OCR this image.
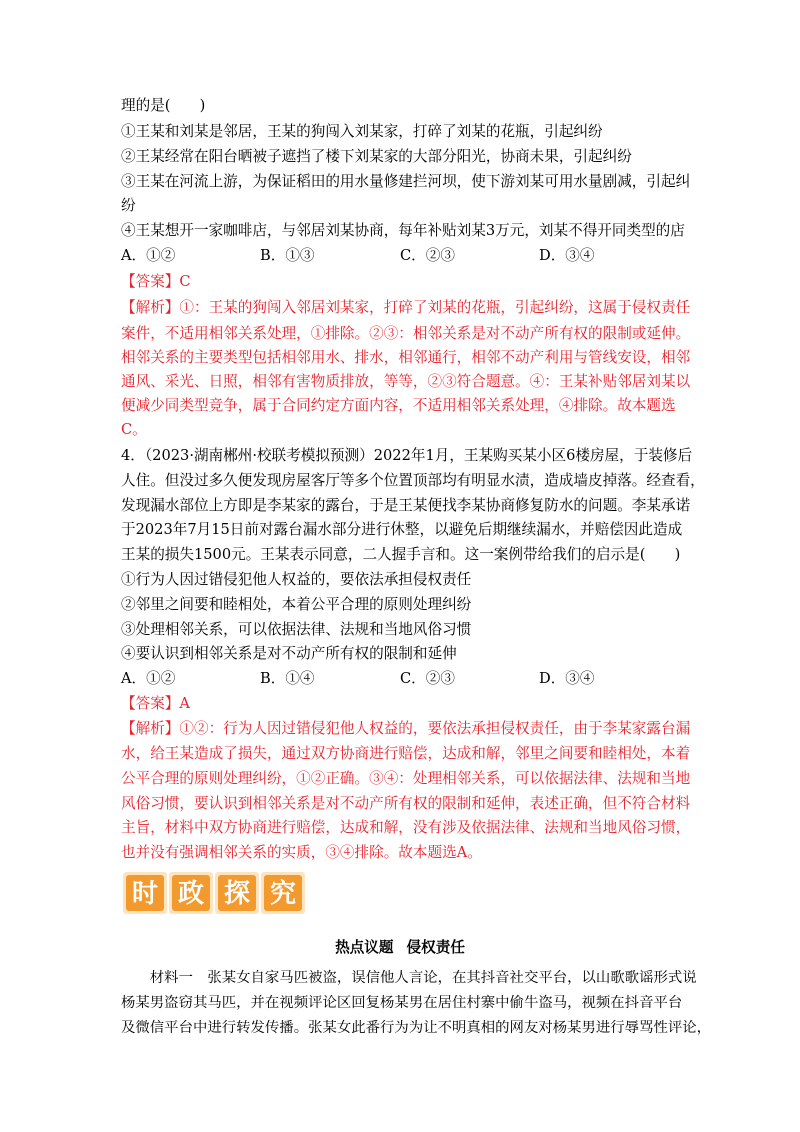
理的是(　　)
①王某和刘某是邻居，王某的狗闯入刘某家，打碎了刘某的花瓶，引起纠纷
②王某经常在阳台晒被子遮挡了楼下刘某家的大部分阳光，协商未果，引起纠纷
③王某在河流上游，为保证稻田的用水量修建拦河坝，使下游刘某可用水量剧减，引起纠
纷
④王某想开一家咖啡店，与邻居刘某协商，每年补贴刘某3万元，刘某不得开同类型的店
A．①②	B．①③	C．②③	D．③④
【答案】C
【解析】①：王某的狗闯入邻居刘某家，打碎了刘某的花瓶，引起纠纷，这属于侵权责任
案件，不适用相邻关系处理，①排除。②③：相邻关系是对不动产所有权的限制或延伸。
相邻关系的主要类型包括相邻用水、排水，相邻通行，相邻不动产利用与管线安设，相邻
通风、采光、日照，相邻有害物质排放，等等，②③符合题意。④：王某补贴邻居刘某以
便减少同类型竞争，属于合同约定方面内容，不适用相邻关系处理，④排除。故本题选
C。
4．（2023·湖南郴州·校联考模拟预测）2022年1月，王某购买某小区6楼房屋，于装修后
人住。但没过多久便发现房屋客厅等多个位置顶部均有明显水渍，造成墙皮掉落。经查看，
发现漏水部位上方即是李某家的露台，于是王某便找李某协商修复防水的问题。李某承诺
于2023年7月15日前对露台漏水部分进行休整，以避免后期继续漏水，并赔偿因此造成
王某的损失1500元。王某表示同意，二人握手言和。这一案例带给我们的启示是(　　)
①行为人因过错侵犯他人权益的，要依法承担侵权责任
②邻里之间要和睦相处，本着公平合理的原则处理纠纷
③处理相邻关系，可以依据法律、法规和当地风俗习惯
④要认识到相邻关系是对不动产所有权的限制和延伸
A．①②	B．①④	C．②③	D．③④
【答案】A
【解析】①②：行为人因过错侵犯他人权益的，要依法承担侵权责任，由于李某家露台漏
水，给王某造成了损失，通过双方协商进行赔偿，达成和解，邻里之间要和睦相处，本着
公平合理的原则处理纠纷，①②正确。③④：处理相邻关系，可以依据法律、法规和当地
风俗习惯，要认识到相邻关系是对不动产所有权的限制和延伸，表述正确，但不符合材料
主旨，材料中双方协商进行赔偿，达成和解，没有涉及依据法律、法规和当地风俗习惯，
也并没有强调相邻关系的实质，③④排除。故本题选A。
时 政 探 究
热点议题 侵权责任
　　材料一　张某女自家马匹被盗，误信他人言论，在其抖音社交平台，以山歌歌谣形式说
杨某男盗窃其马匹，并在视频评论区回复杨某男在居住村寨中偷牛盗马，视频在抖音平台
及微信平台中进行转发传播。张某女此番行为为让不明真相的网友对杨某男进行辱骂性评论，
